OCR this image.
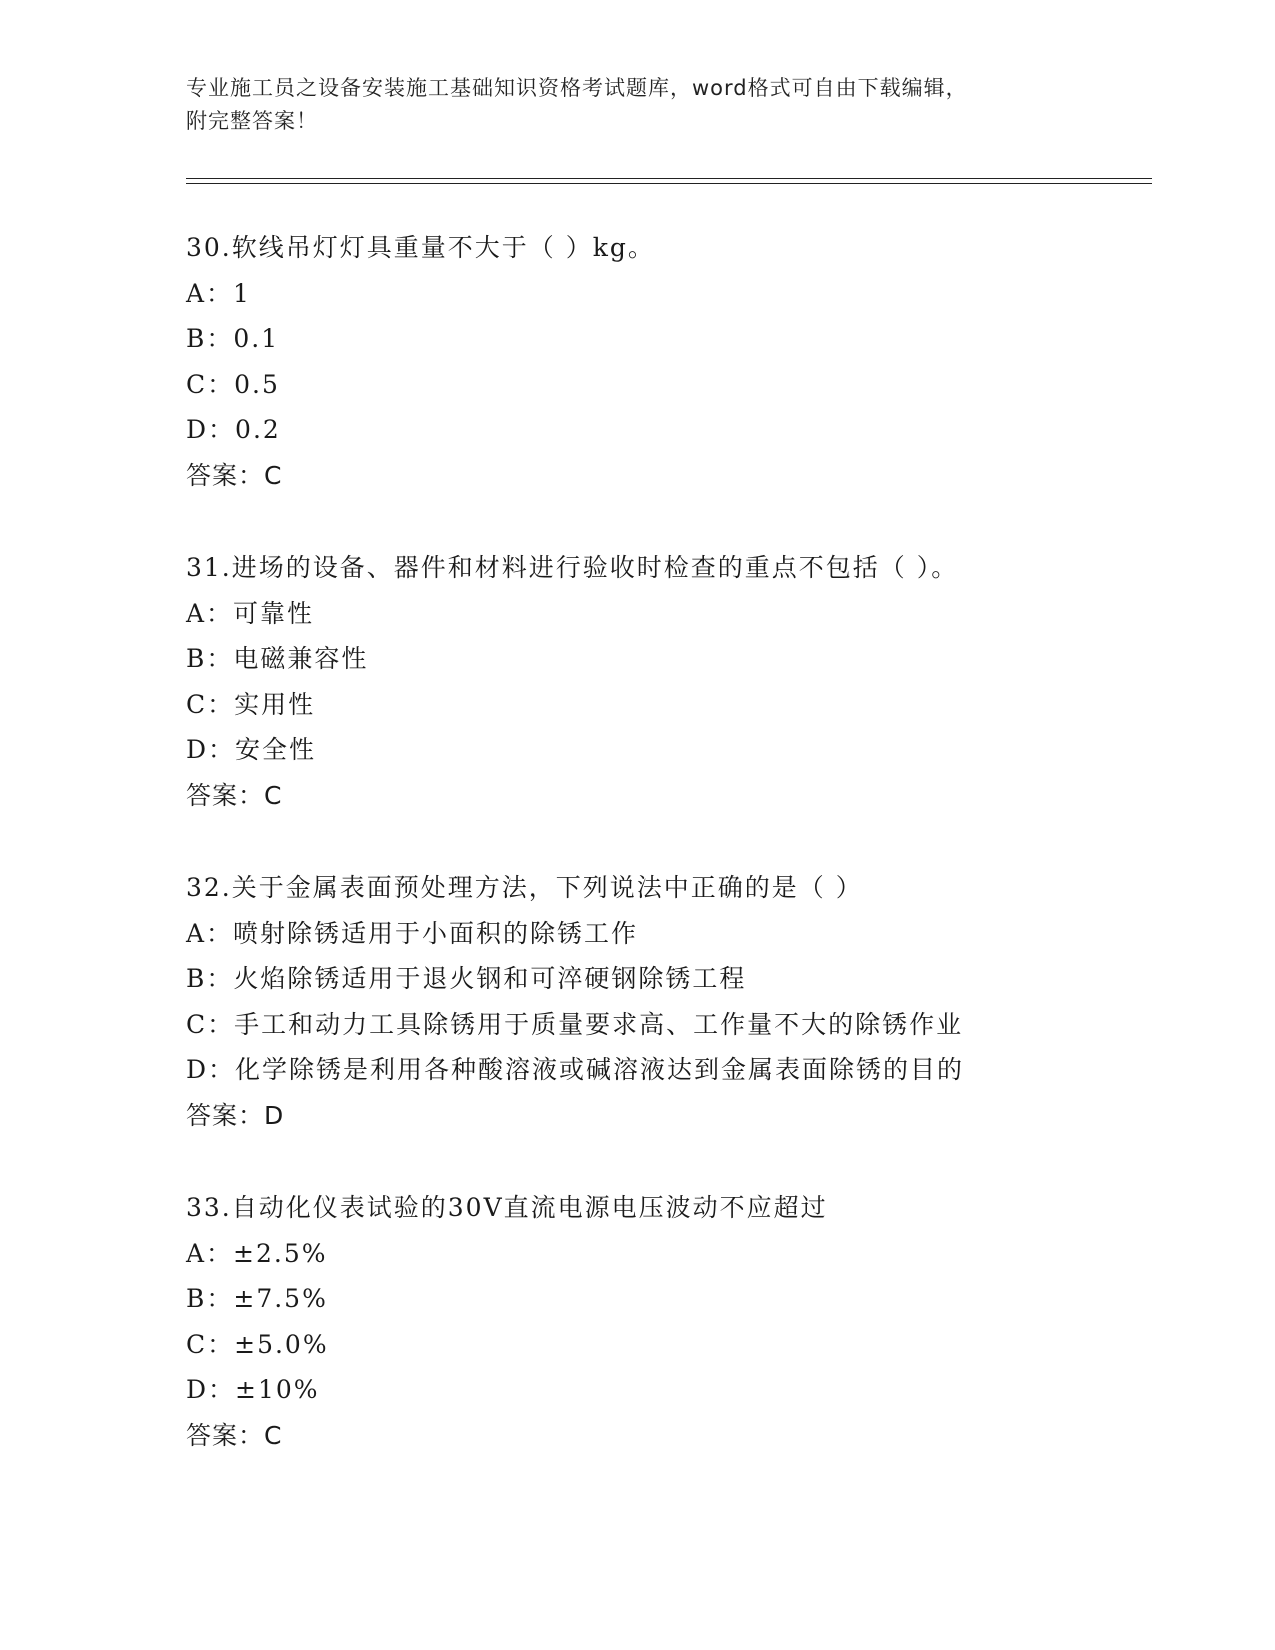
专业施工员之设备安装施工基础知识资格考试题库，word格式可自由下载编辑，
附完整答案！
30.软线吊灯灯具重量不大于（ ）kg。
A：1
B：0.1
C：0.5
D：0.2
答案：C
31.进场的设备、器件和材料进行验收时检查的重点不包括（ ）。
A：可靠性
B：电磁兼容性
C：实用性
D：安全性
答案：C
32.关于金属表面预处理方法，下列说法中正确的是（ ）
A：喷射除锈适用于小面积的除锈工作
B：火焰除锈适用于退火钢和可淬硬钢除锈工程
C：手工和动力工具除锈用于质量要求高、工作量不大的除锈作业
D：化学除锈是利用各种酸溶液或碱溶液达到金属表面除锈的目的
答案：D
33.自动化仪表试验的30V直流电源电压波动不应超过
A：±2.5%
B：±7.5%
C：±5.0%
D：±10%
答案：C
